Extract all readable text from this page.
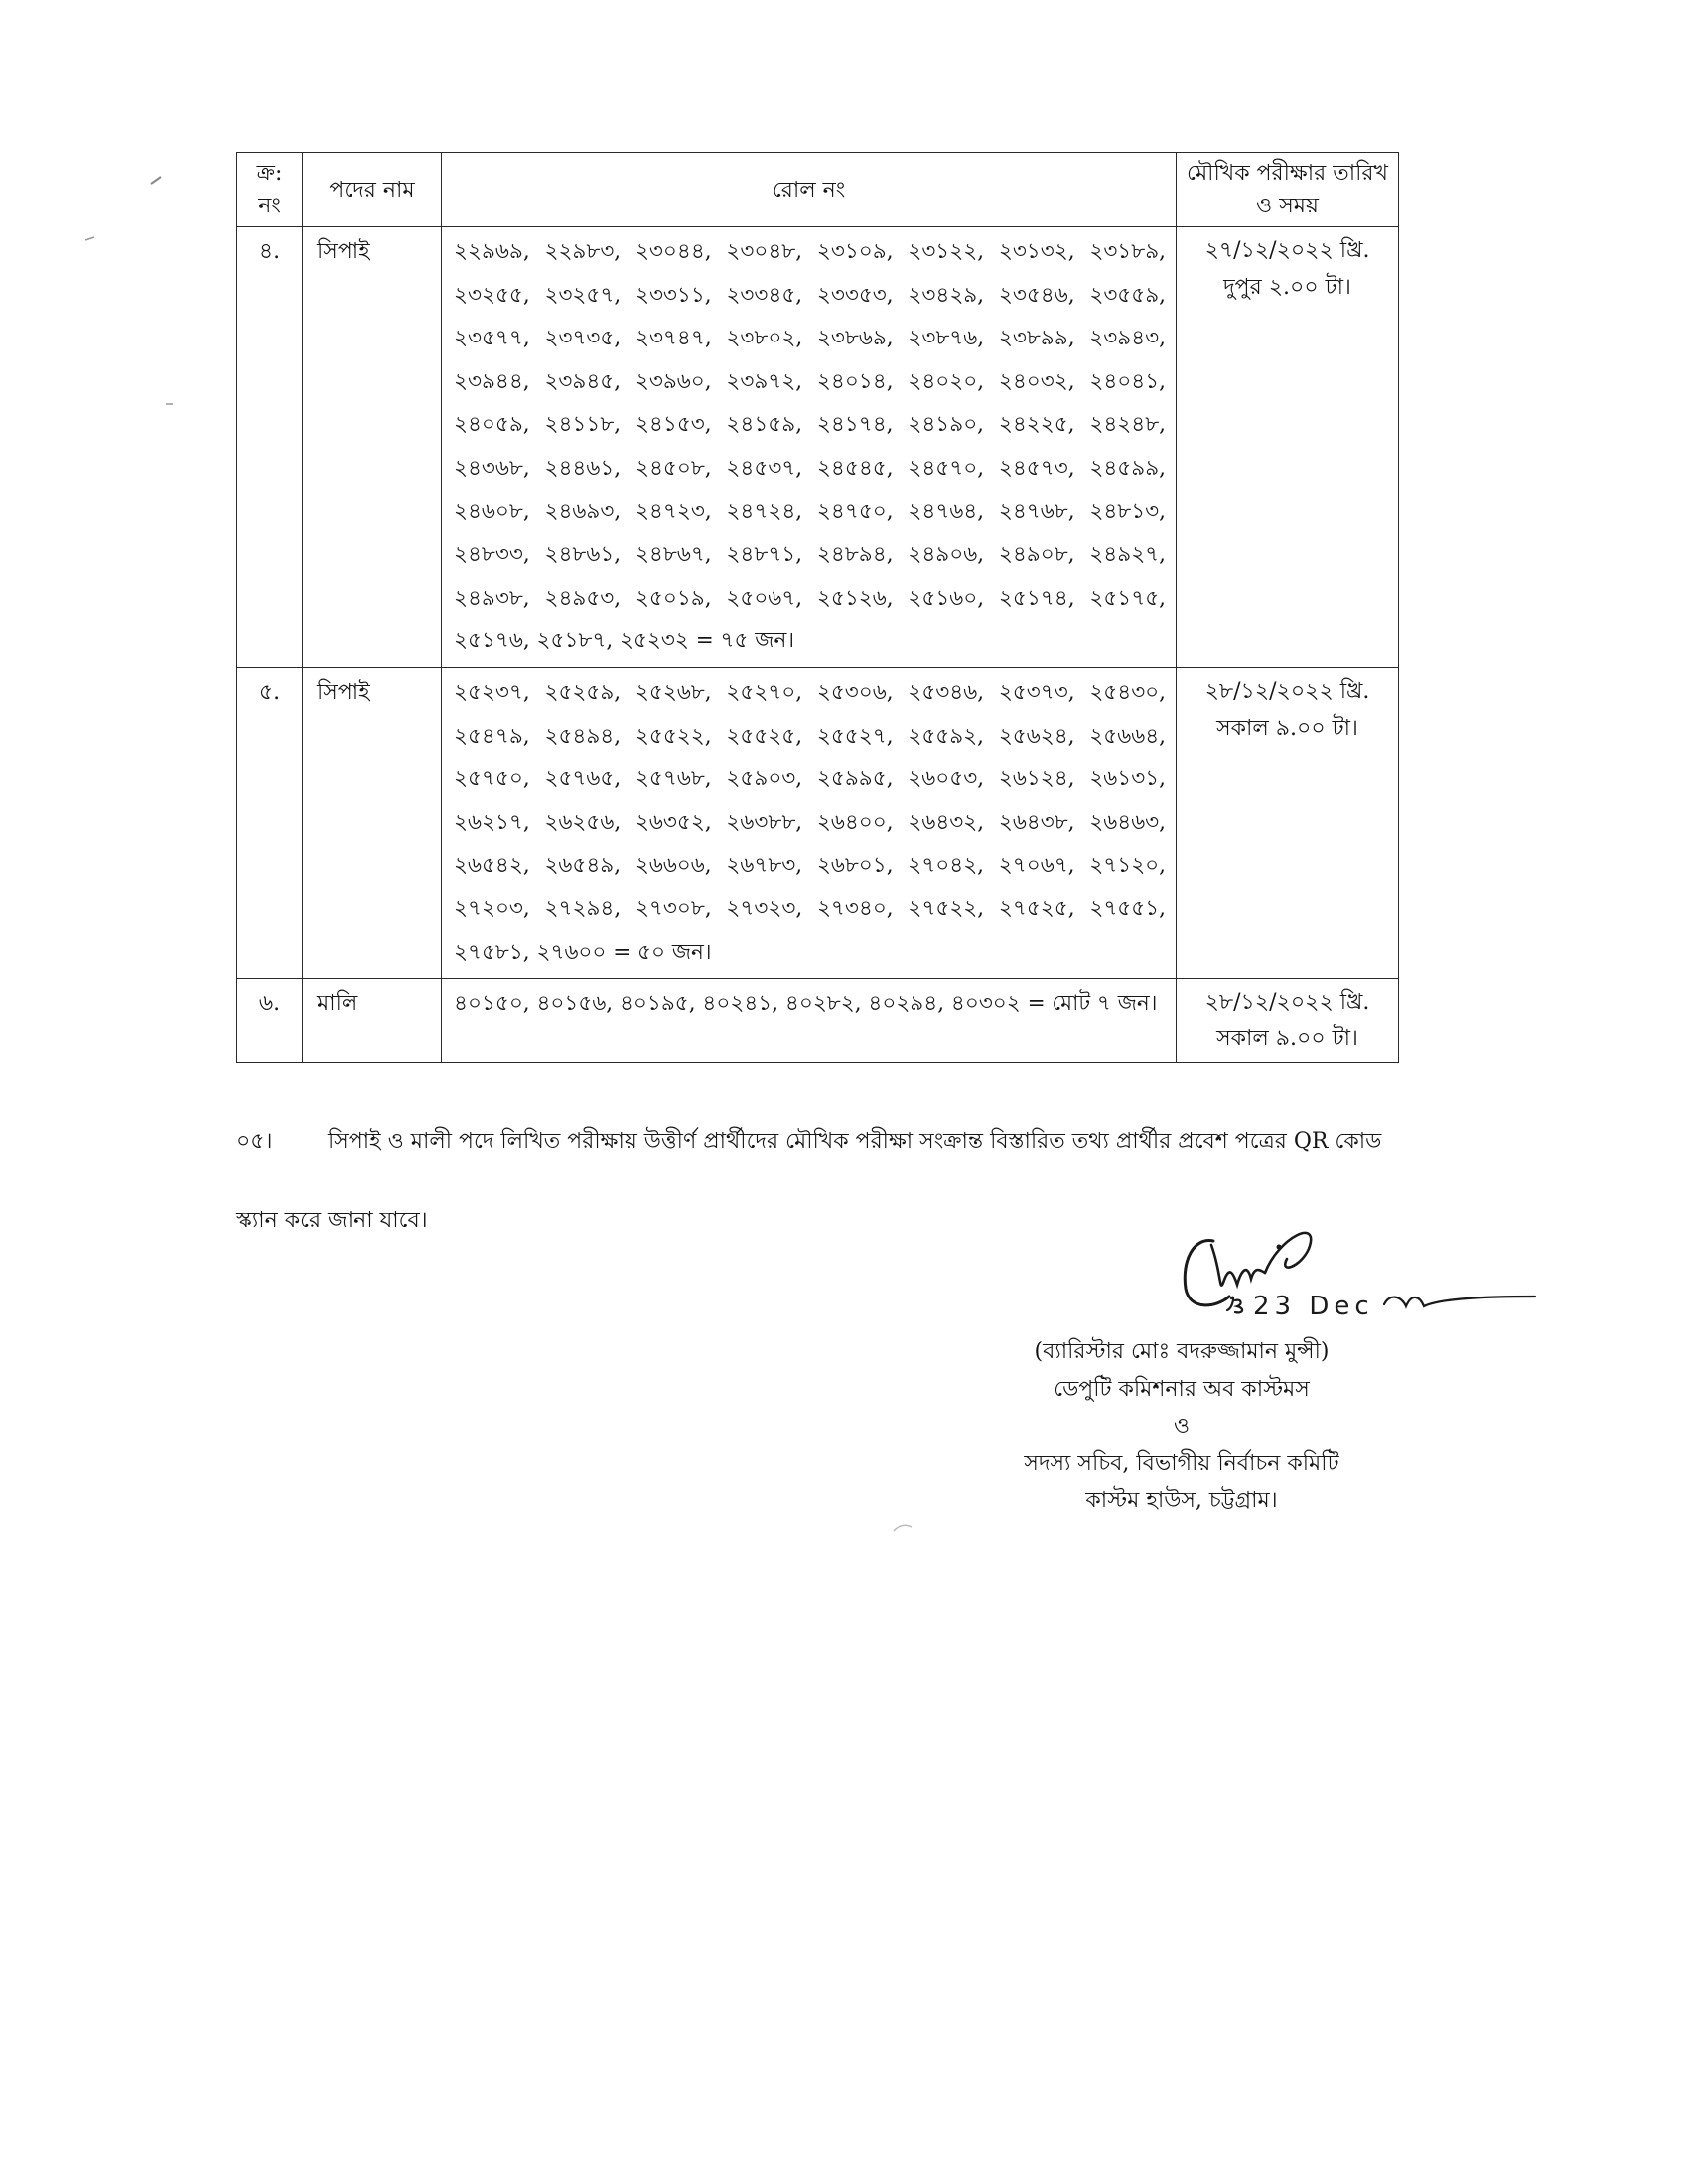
ক্র: নং	পদের নাম	রোল নং	মৌখিক পরীক্ষার তারিখ ও সময়
৪.	সিপাই	২২৯৬৯, ২২৯৮৩, ২৩০৪৪, ২৩০৪৮, ২৩১০৯, ২৩১২২, ২৩১৩২, ২৩১৮৯, ২৩২৫৫, ২৩২৫৭, ২৩৩১১, ২৩৩৪৫, ২৩৩৫৩, ২৩৪২৯, ২৩৫৪৬, ২৩৫৫৯, ২৩৫৭৭, ২৩৭৩৫, ২৩৭৪৭, ২৩৮০২, ২৩৮৬৯, ২৩৮৭৬, ২৩৮৯৯, ২৩৯৪৩, ২৩৯৪৪, ২৩৯৪৫, ২৩৯৬০, ২৩৯৭২, ২৪০১৪, ২৪০২০, ২৪০৩২, ২৪০৪১, ২৪০৫৯, ২৪১১৮, ২৪১৫৩, ২৪১৫৯, ২৪১৭৪, ২৪১৯০, ২৪২২৫, ২৪২৪৮, ২৪৩৬৮, ২৪৪৬১, ২৪৫০৮, ২৪৫৩৭, ২৪৫৪৫, ২৪৫৭০, ২৪৫৭৩, ২৪৫৯৯, ২৪৬০৮, ২৪৬৯৩, ২৪৭২৩, ২৪৭২৪, ২৪৭৫০, ২৪৭৬৪, ২৪৭৬৮, ২৪৮১৩, ২৪৮৩৩, ২৪৮৬১, ২৪৮৬৭, ২৪৮৭১, ২৪৮৯৪, ২৪৯০৬, ২৪৯০৮, ২৪৯২৭, ২৪৯৩৮, ২৪৯৫৩, ২৫০১৯, ২৫০৬৭, ২৫১২৬, ২৫১৬০, ২৫১৭৪, ২৫১৭৫, ২৫১৭৬, ২৫১৮৭, ২৫২৩২ = ৭৫ জন।	২৭/১২/২০২২ খ্রি.
দুপুর ২.০০ টা।

৫.	সিপাই	২৫২৩৭, ২৫২৫৯, ২৫২৬৮, ২৫২৭০, ২৫৩০৬, ২৫৩৪৬, ২৫৩৭৩, ২৫৪৩০, ২৫৪৭৯, ২৫৪৯৪, ২৫৫২২, ২৫৫২৫, ২৫৫২৭, ২৫৫৯২, ২৫৬২৪, ২৫৬৬৪, ২৫৭৫০, ২৫৭৬৫, ২৫৭৬৮, ২৫৯০৩, ২৫৯৯৫, ২৬০৫৩, ২৬১২৪, ২৬১৩১, ২৬২১৭, ২৬২৫৬, ২৬৩৫২, ২৬৩৮৮, ২৬৪০০, ২৬৪৩২, ২৬৪৩৮, ২৬৪৬৩, ২৬৫৪২, ২৬৫৪৯, ২৬৬০৬, ২৬৭৮৩, ২৬৮০১, ২৭০৪২, ২৭০৬৭, ২৭১২০, ২৭২০৩, ২৭২৯৪, ২৭৩০৮, ২৭৩২৩, ২৭৩৪০, ২৭৫২২, ২৭৫২৫, ২৭৫৫১, ২৭৫৮১, ২৭৬০০ = ৫০ জন।	২৮/১২/২০২২ খ্রি.
সকাল ৯.০০ টা।

৬.	মালি	৪০১৫০, ৪০১৫৬, ৪০১৯৫, ৪০২৪১, ৪০২৮২, ৪০২৯৪, ৪০৩০২ = মোট ৭ জন।	২৮/১২/২০২২ খ্রি.
সকাল ৯.০০ টা।
০৫।	সিপাই ও মালী পদে লিখিত পরীক্ষায় উত্তীর্ণ প্রার্থীদের মৌখিক পরীক্ষা সংক্রান্ত বিস্তারিত তথ্য প্রার্থীর প্রবেশ পত্রের QR কোড স্ক্যান করে জানা যাবে।
23 Dec
(ব্যারিস্টার মোঃ বদরুজ্জামান মুন্সী)
ডেপুটি কমিশনার অব কাস্টমস
ও
সদস্য সচিব, বিভাগীয় নির্বাচন কমিটি
কাস্টম হাউস, চট্টগ্রাম।
